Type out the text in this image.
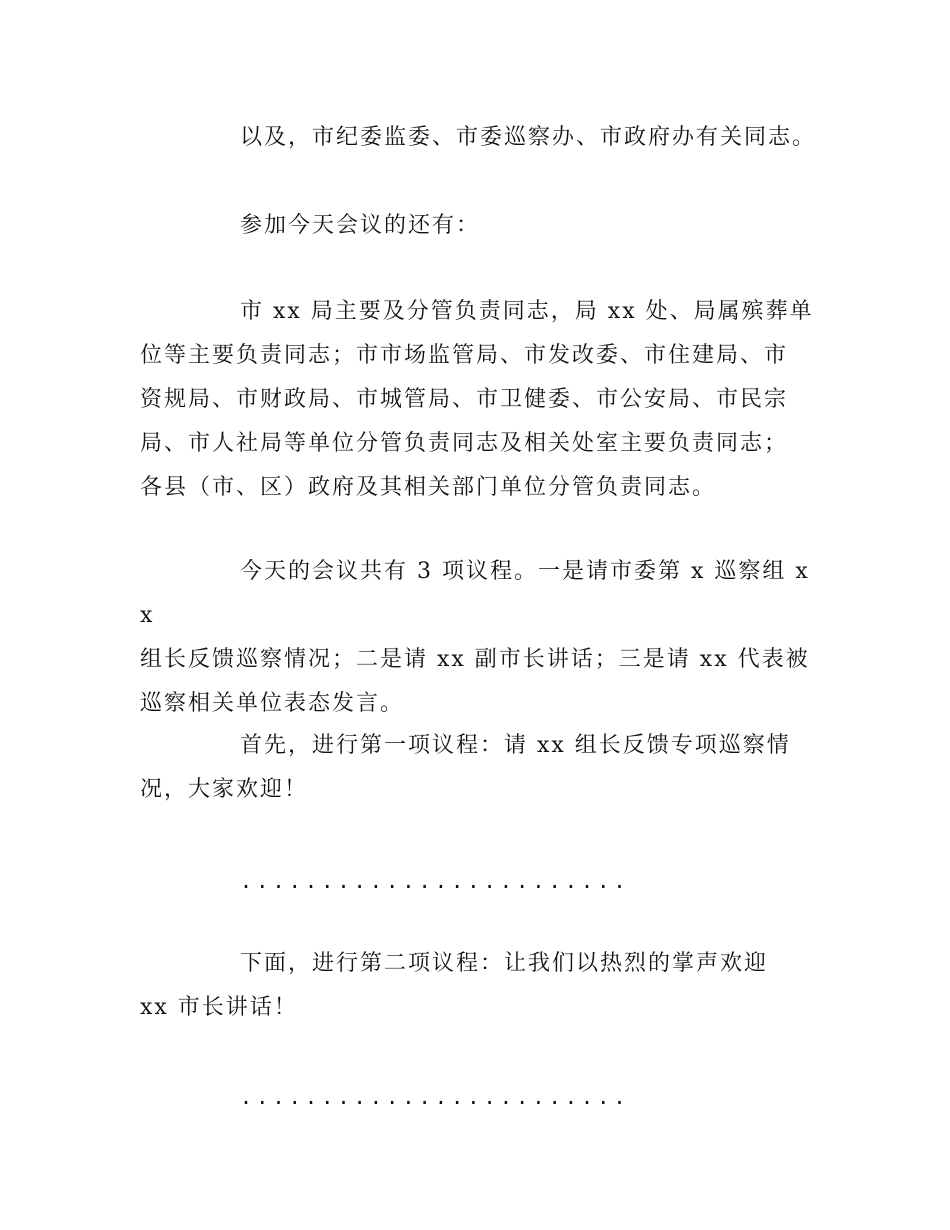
以及，市纪委监委、市委巡察办、市政府办有关同志。

参加今天会议的还有：

市 xx 局主要及分管负责同志，局 xx 处、局属殡葬单
位等主要负责同志；市市场监管局、市发改委、市住建局、市
资规局、市财政局、市城管局、市卫健委、市公安局、市民宗
局、市人社局等单位分管负责同志及相关处室主要负责同志；
各县（市、区）政府及其相关部门单位分管负责同志。

今天的会议共有 3 项议程。一是请市委第 x 巡察组 xx
组长反馈巡察情况；二是请 xx 副市长讲话；三是请 xx 代表被
巡察相关单位表态发言。

首先，进行第一项议程：请 xx 组长反馈专项巡察情
况，大家欢迎！

........................

下面，进行第二项议程：让我们以热烈的掌声欢迎
xx 市长讲话！

........................
